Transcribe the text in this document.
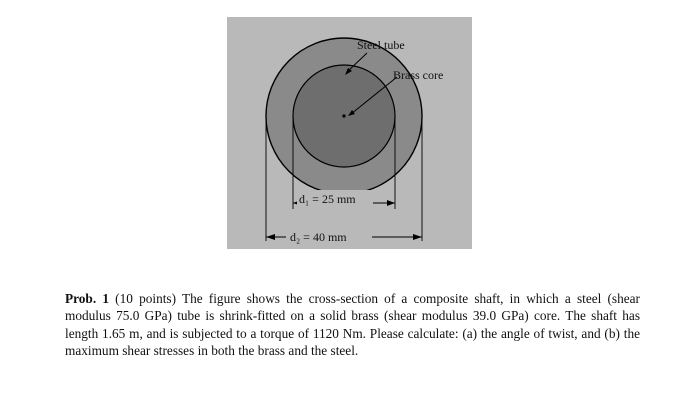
Steel tube
Brass core
d₁ = 25 mm
d₂ = 40 mm
Prob. 1 (10 points) The figure shows the cross-section of a composite shaft, in which a steel (shear modulus 75.0 GPa) tube is shrink-fitted on a solid brass (shear modulus 39.0 GPa) core. The shaft has length 1.65 m, and is subjected to a torque of 1120 Nm. Please calculate: (a) the angle of twist, and (b) the maximum shear stresses in both the brass and the steel.
